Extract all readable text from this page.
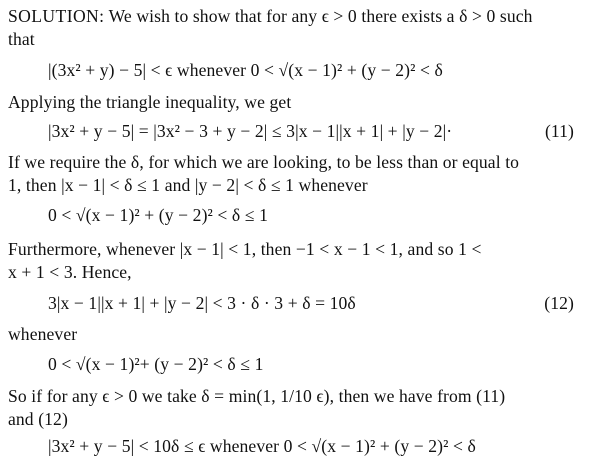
SOLUTION: We wish to show that for any ϵ > 0 there exists a δ > 0 such
that
|(3x² + y) − 5| < ϵ whenever 0 < √(x − 1)² + (y − 2)² < δ
Applying the triangle inequality, we get
|3x² + y − 5| = |3x² − 3 + y − 2| ≤ 3|x − 1||x + 1| + |y − 2|·	(11)
If we require the δ, for which we are looking, to be less than or equal to
1, then |x − 1| < δ ≤ 1 and |y − 2| < δ ≤ 1 whenever
0 < √(x − 1)² + (y − 2)² < δ ≤ 1
Furthermore, whenever |x − 1| < 1, then −1 < x − 1 < 1, and so 1 <
x + 1 < 3. Hence,
3|x − 1||x + 1| + |y − 2| < 3 · δ · 3 + δ = 10δ	(12)
whenever
0 < √(x − 1)²+ (y − 2)² < δ ≤ 1
So if for any ϵ > 0 we take δ = min(1, 1/10 ϵ), then we have from (11)
and (12)
|3x² + y − 5| < 10δ ≤ ϵ whenever 0 < √(x − 1)² + (y − 2)² < δ
